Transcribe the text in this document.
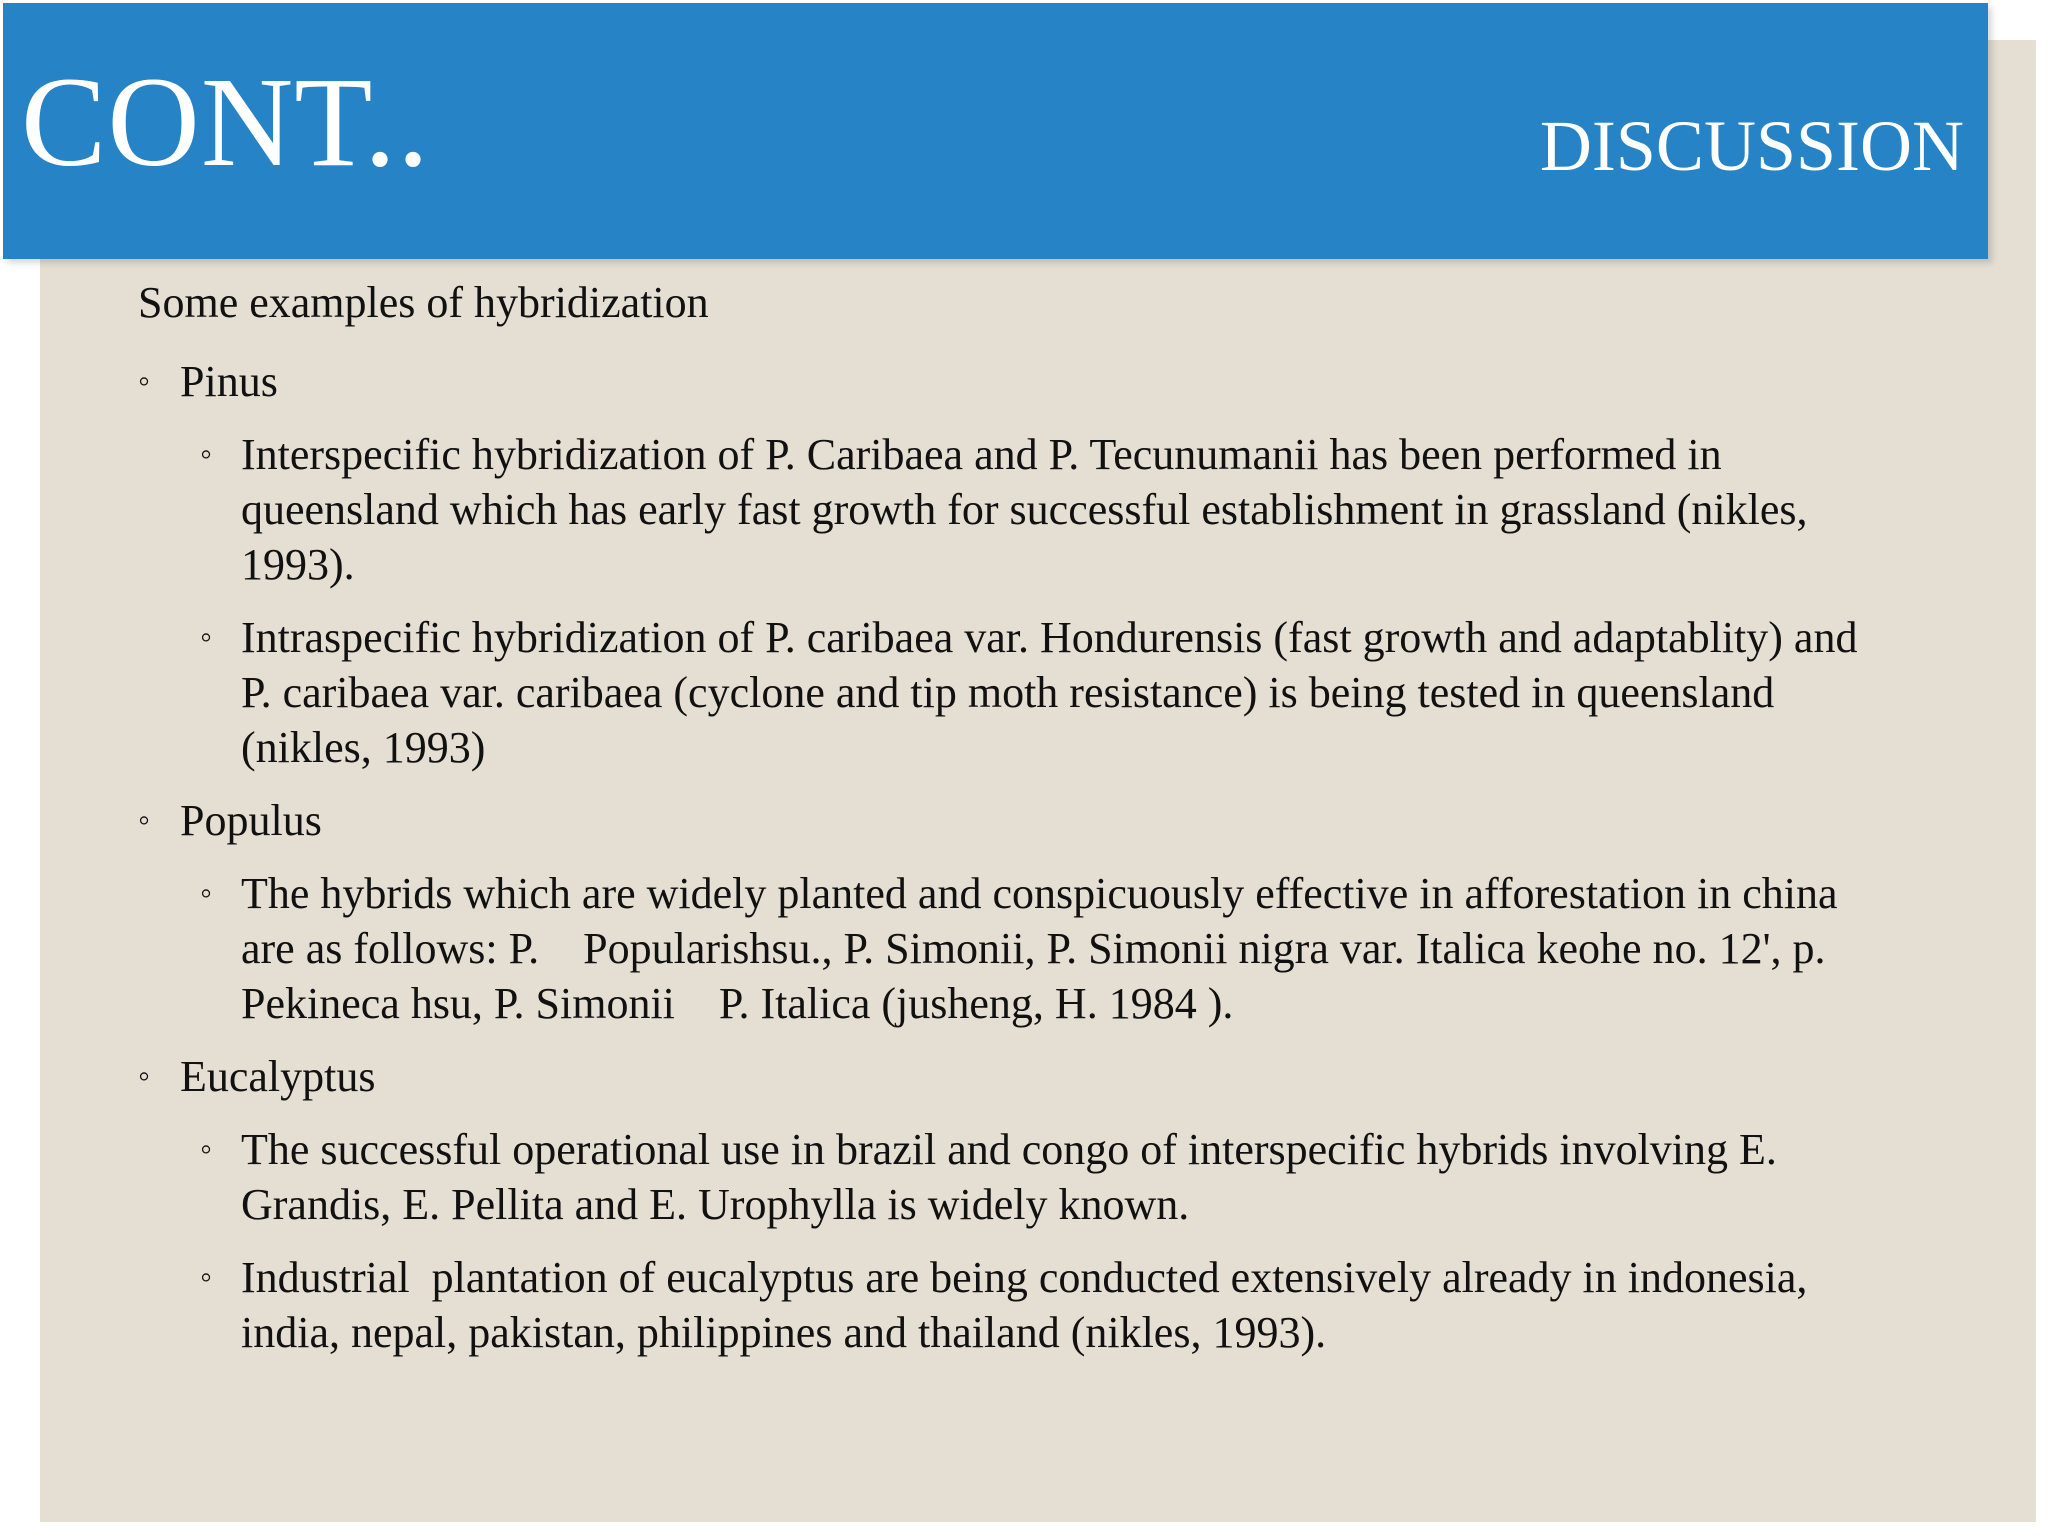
CONT..	DISCUSSION
Some examples of hybridization
◦ Pinus
◦ Interspecific hybridization of P. Caribaea and P. Tecunumanii has been performed in queensland which has early fast growth for successful establishment in grassland (nikles, 1993).
◦ Intraspecific hybridization of P. caribaea var. Hondurensis (fast growth and adaptablity) and P. caribaea var. caribaea (cyclone and tip moth resistance) is being tested in queensland (nikles, 1993)
◦ Populus
◦ The hybrids which are widely planted and conspicuously effective in afforestation in china are as follows: P.    Popularishsu., P. Simonii, P. Simonii nigra var. Italica keohe no. 12', p.    Pekineca hsu, P. Simonii    P. Italica (jusheng, H. 1984 ).
◦ Eucalyptus
◦ The successful operational use in brazil and congo of interspecific hybrids involving E. Grandis, E. Pellita and E. Urophylla is widely known.
◦ Industrial  plantation of eucalyptus are being conducted extensively already in indonesia, india, nepal, pakistan, philippines and thailand (nikles, 1993).
